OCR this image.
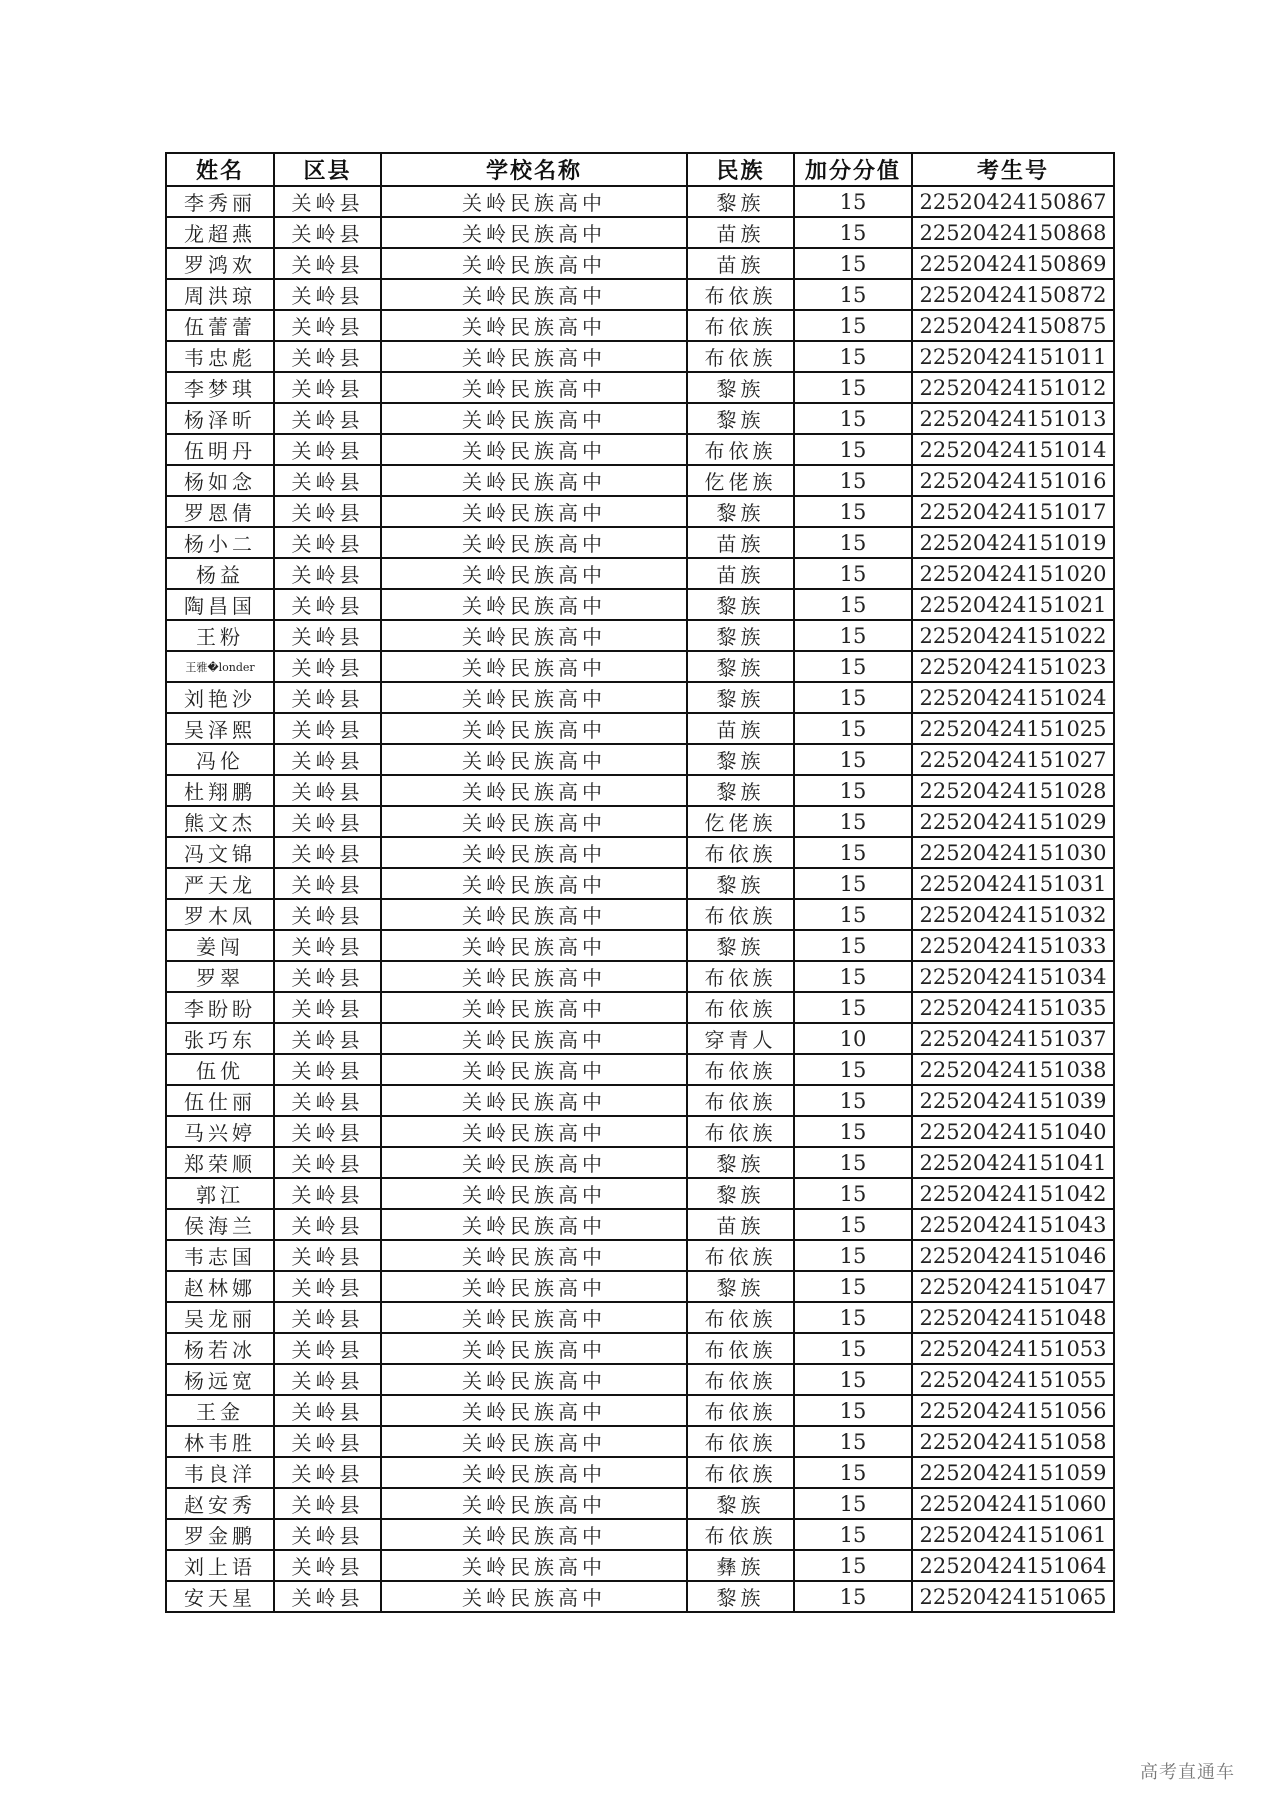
姓名	区县	学校名称	民族	加分分值	考生号
李秀丽	关岭县	关岭民族高中	黎族	15	22520424150867
龙超燕	关岭县	关岭民族高中	苗族	15	22520424150868
罗鸿欢	关岭县	关岭民族高中	苗族	15	22520424150869
周洪琼	关岭县	关岭民族高中	布依族	15	22520424150872
伍蕾蕾	关岭县	关岭民族高中	布依族	15	22520424150875
韦忠彪	关岭县	关岭民族高中	布依族	15	22520424151011
李梦琪	关岭县	关岭民族高中	黎族	15	22520424151012
杨泽昕	关岭县	关岭民族高中	黎族	15	22520424151013
伍明丹	关岭县	关岭民族高中	布依族	15	22520424151014
杨如念	关岭县	关岭民族高中	仡佬族	15	22520424151016
罗恩倩	关岭县	关岭民族高中	黎族	15	22520424151017
杨小二	关岭县	关岭民族高中	苗族	15	22520424151019
杨益	关岭县	关岭民族高中	苗族	15	22520424151020
陶昌国	关岭县	关岭民族高中	黎族	15	22520424151021
王粉	关岭县	关岭民族高中	黎族	15	22520424151022
王雅�londer	关岭县	关岭民族高中	黎族	15	22520424151023
刘艳沙	关岭县	关岭民族高中	黎族	15	22520424151024
吴泽熙	关岭县	关岭民族高中	苗族	15	22520424151025
冯伦	关岭县	关岭民族高中	黎族	15	22520424151027
杜翔鹏	关岭县	关岭民族高中	黎族	15	22520424151028
熊文杰	关岭县	关岭民族高中	仡佬族	15	22520424151029
冯文锦	关岭县	关岭民族高中	布依族	15	22520424151030
严天龙	关岭县	关岭民族高中	黎族	15	22520424151031
罗木凤	关岭县	关岭民族高中	布依族	15	22520424151032
姜闯	关岭县	关岭民族高中	黎族	15	22520424151033
罗翠	关岭县	关岭民族高中	布依族	15	22520424151034
李盼盼	关岭县	关岭民族高中	布依族	15	22520424151035
张巧东	关岭县	关岭民族高中	穿青人	10	22520424151037
伍优	关岭县	关岭民族高中	布依族	15	22520424151038
伍仕丽	关岭县	关岭民族高中	布依族	15	22520424151039
马兴婷	关岭县	关岭民族高中	布依族	15	22520424151040
郑荣顺	关岭县	关岭民族高中	黎族	15	22520424151041
郭江	关岭县	关岭民族高中	黎族	15	22520424151042
侯海兰	关岭县	关岭民族高中	苗族	15	22520424151043
韦志国	关岭县	关岭民族高中	布依族	15	22520424151046
赵林娜	关岭县	关岭民族高中	黎族	15	22520424151047
吴龙丽	关岭县	关岭民族高中	布依族	15	22520424151048
杨若冰	关岭县	关岭民族高中	布依族	15	22520424151053
杨远宽	关岭县	关岭民族高中	布依族	15	22520424151055
王金	关岭县	关岭民族高中	布依族	15	22520424151056
林韦胜	关岭县	关岭民族高中	布依族	15	22520424151058
韦良洋	关岭县	关岭民族高中	布依族	15	22520424151059
赵安秀	关岭县	关岭民族高中	黎族	15	22520424151060
罗金鹏	关岭县	关岭民族高中	布依族	15	22520424151061
刘上语	关岭县	关岭民族高中	彝族	15	22520424151064
安天星	关岭县	关岭民族高中	黎族	15	22520424151065
高考直通车
